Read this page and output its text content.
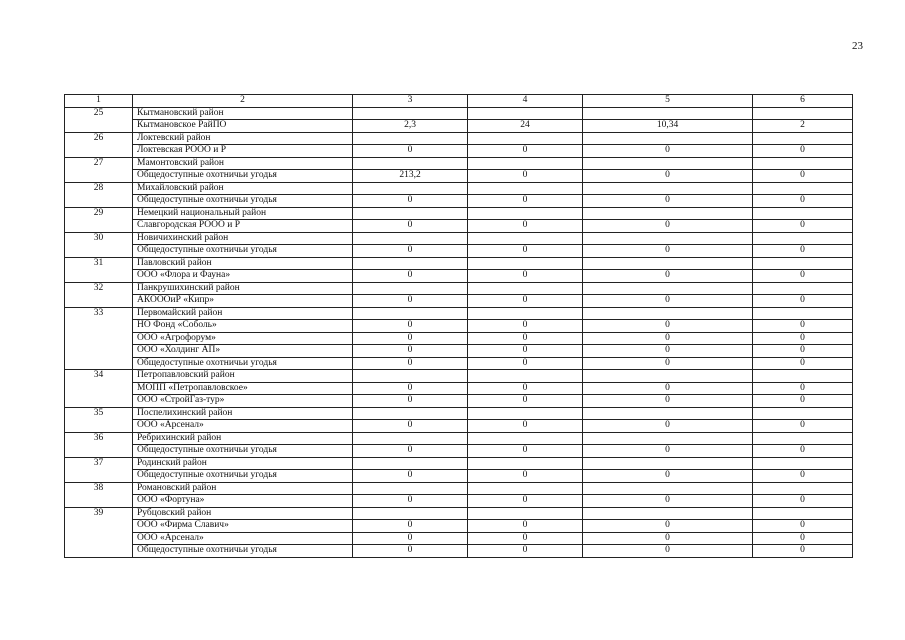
23
1	2	3	4	5	6
25	Кытмановский район				
	Кытмановское РайПО	2,3	24	10,34	2
26	Локтевский район				
	Локтевская РООО и Р	0	0	0	0
27	Мамонтовский район				
	Общедоступные охотничьи угодья	213,2	0	0	0
28	Михайловский район				
	Общедоступные охотничьи угодья	0	0	0	0
29	Немецкий национальный район				
	Славгородская РООО и Р	0	0	0	0
30	Новичихинский район				
	Общедоступные охотничьи угодья	0	0	0	0
31	Павловский район				
	ООО «Флора и Фауна»	0	0	0	0
32	Панкрушихинский район				
	АКОООиР «Кипр»	0	0	0	0
33	Первомайский район				
	НО Фонд «Соболь»	0	0	0	0
	ООО «Агрофорум»	0	0	0	0
	ООО «Холдинг АП»	0	0	0	0
	Общедоступные охотничьи угодья	0	0	0	0
34	Петропавловский район				
	МОПП «Петропавловское»	0	0	0	0
	ООО «СтройГаз-тур»	0	0	0	0
35	Поспелихинский район				
	ООО «Арсенал»	0	0	0	0
36	Ребрихинский район				
	Общедоступные охотничьи угодья	0	0	0	0
37	Родинский район				
	Общедоступные охотничьи угодья	0	0	0	0
38	Романовский район				
	ООО «Фортуна»	0	0	0	0
39	Рубцовский район				
	ООО «Фирма Славич»	0	0	0	0
	ООО «Арсенал»	0	0	0	0
	Общедоступные охотничьи угодья	0	0	0	0
